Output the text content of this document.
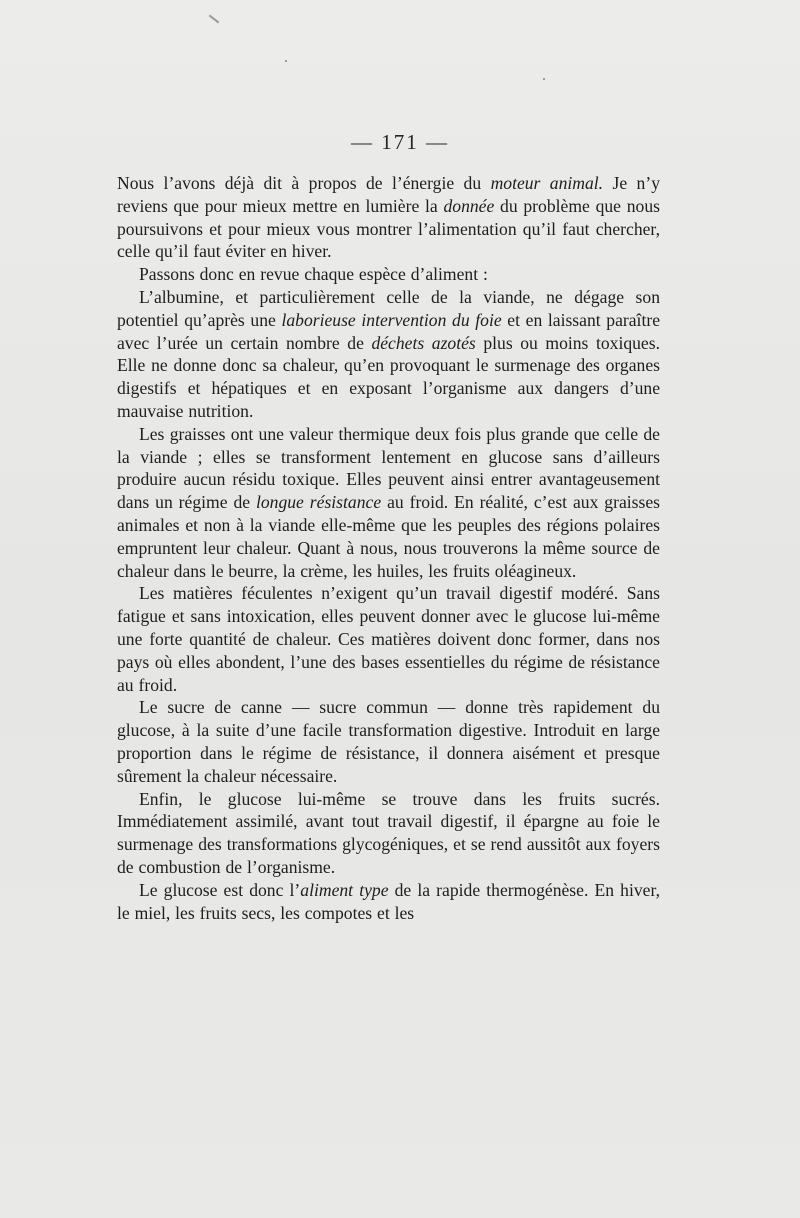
— 171 —

Nous l’avons déjà dit à propos de l’énergie du moteur animal. Je n’y reviens que pour mieux mettre en lumière la donnée du problème que nous poursuivons et pour mieux vous montrer l’alimentation qu’il faut chercher, celle qu’il faut éviter en hiver.

Passons donc en revue chaque espèce d’aliment :

L’albumine, et particulièrement celle de la viande, ne dégage son potentiel qu’après une laborieuse intervention du foie et en laissant paraître avec l’urée un certain nombre de déchets azotés plus ou moins toxiques. Elle ne donne donc sa chaleur, qu’en provoquant le surmenage des organes digestifs et hépatiques et en exposant l’organisme aux dangers d’une mauvaise nutrition.

Les graisses ont une valeur thermique deux fois plus grande que celle de la viande ; elles se transforment lentement en glucose sans d’ailleurs produire aucun résidu toxique. Elles peuvent ainsi entrer avantageusement dans un régime de longue résistance au froid. En réalité, c’est aux graisses animales et non à la viande elle-même que les peuples des régions polaires empruntent leur chaleur. Quant à nous, nous trouverons la même source de chaleur dans le beurre, la crème, les huiles, les fruits oléagineux.

Les matières féculentes n’exigent qu’un travail digestif modéré. Sans fatigue et sans intoxication, elles peuvent donner avec le glucose lui-même une forte quantité de chaleur. Ces matières doivent donc former, dans nos pays où elles abondent, l’une des bases essentielles du régime de résistance au froid.

Le sucre de canne — sucre commun — donne très rapidement du glucose, à la suite d’une facile transformation digestive. Introduit en large proportion dans le régime de résistance, il donnera aisément et presque sûrement la chaleur nécessaire.

Enfin, le glucose lui-même se trouve dans les fruits sucrés. Immédiatement assimilé, avant tout travail digestif, il épargne au foie le surmenage des transformations glycogéniques, et se rend aussitôt aux foyers de combustion de l’organisme.

Le glucose est donc l’aliment type de la rapide thermogénèse. En hiver, le miel, les fruits secs, les compotes et les
